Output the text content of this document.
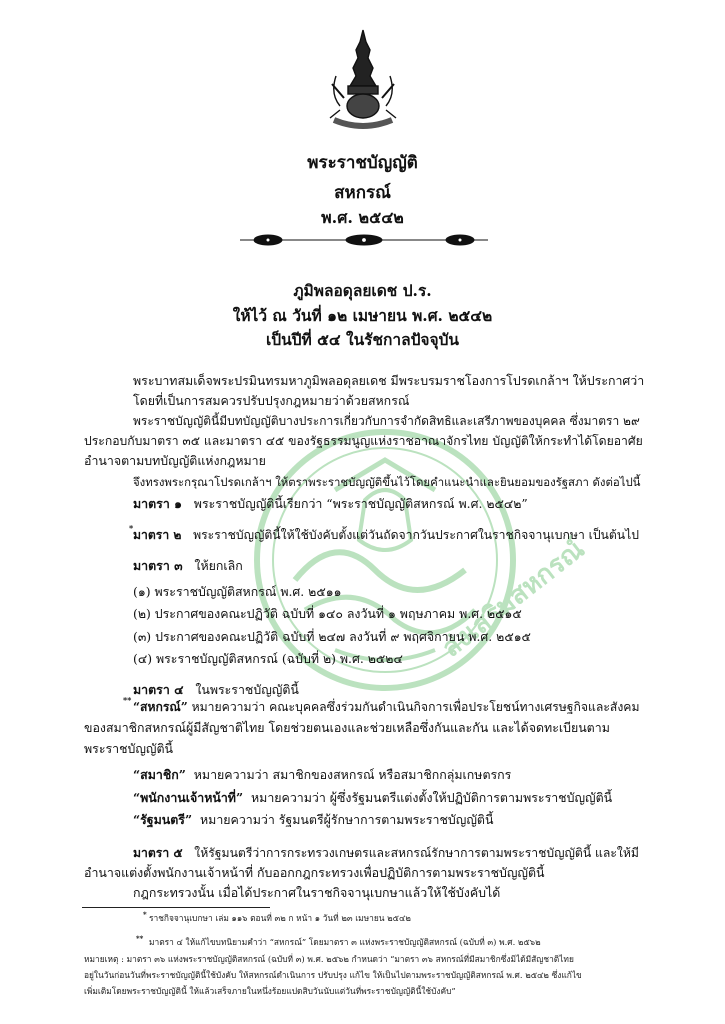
พระราชบัญญัติ
สหกรณ์
พ.ศ. ๒๕๔๒
ภูมิพลอดุลยเดช ป.ร.
ให้ไว้ ณ วันที่ ๑๒ เมษายน พ.ศ. ๒๕๔๒
เป็นปีที่ ๕๔ ในรัชกาลปัจจุบัน
ส่งเสริมสหกรณ์
พระบาทสมเด็จพระปรมินทรมหาภูมิพลอดุลยเดช มีพระบรมราชโองการโปรดเกล้าฯ ให้ประกาศว่า
โดยที่เป็นการสมควรปรับปรุงกฎหมายว่าด้วยสหกรณ์
พระราชบัญญัตินี้มีบทบัญญัติบางประการเกี่ยวกับการจำกัดสิทธิและเสรีภาพของบุคคล ซึ่งมาตรา ๒๙
ประกอบกับมาตรา ๓๕ และมาตรา ๔๕ ของรัฐธรรมนูญแห่งราชอาณาจักรไทย บัญญัติให้กระทำได้โดยอาศัย
อำนาจตามบทบัญญัติแห่งกฎหมาย
จึงทรงพระกรุณาโปรดเกล้าฯ ให้ตราพระราชบัญญัติขึ้นไว้โดยคำแนะนำและยินยอมของรัฐสภา ดังต่อไปนี้
มาตรา ๑ พระราชบัญญัตินี้เรียกว่า “พระราชบัญญัติสหกรณ์ พ.ศ. ๒๕๔๒”
* มาตรา ๒ พระราชบัญญัตินี้ให้ใช้บังคับตั้งแต่วันถัดจากวันประกาศในราชกิจจานุเบกษา เป็นต้นไป
มาตรา ๓ ให้ยกเลิก
(๑) พระราชบัญญัติสหกรณ์ พ.ศ. ๒๕๑๑
(๒) ประกาศของคณะปฏิวัติ ฉบับที่ ๑๔๐ ลงวันที่ ๑ พฤษภาคม พ.ศ. ๒๕๑๕
(๓) ประกาศของคณะปฏิวัติ ฉบับที่ ๒๔๗ ลงวันที่ ๙ พฤศจิกายน พ.ศ. ๒๕๑๕
(๔) พระราชบัญญัติสหกรณ์ (ฉบับที่ ๒) พ.ศ. ๒๕๒๔
มาตรา ๔ ในพระราชบัญญัตินี้
** “สหกรณ์” หมายความว่า คณะบุคคลซึ่งร่วมกันดำเนินกิจการเพื่อประโยชน์ทางเศรษฐกิจและสังคม
ของสมาชิกสหกรณ์ผู้มีสัญชาติไทย โดยช่วยตนเองและช่วยเหลือซึ่งกันและกัน และได้จดทะเบียนตาม
พระราชบัญญัตินี้
“สมาชิก” หมายความว่า สมาชิกของสหกรณ์ หรือสมาชิกกลุ่มเกษตรกร
“พนักงานเจ้าหน้าที่” หมายความว่า ผู้ซึ่งรัฐมนตรีแต่งตั้งให้ปฏิบัติการตามพระราชบัญญัตินี้
“รัฐมนตรี” หมายความว่า รัฐมนตรีผู้รักษาการตามพระราชบัญญัตินี้
มาตรา ๕ ให้รัฐมนตรีว่าการกระทรวงเกษตรและสหกรณ์รักษาการตามพระราชบัญญัตินี้ และให้มี
อำนาจแต่งตั้งพนักงานเจ้าหน้าที่ กับออกกฎกระทรวงเพื่อปฏิบัติการตามพระราชบัญญัตินี้
กฎกระทรวงนั้น เมื่อได้ประกาศในราชกิจจานุเบกษาแล้วให้ใช้บังคับได้
* ราชกิจจานุเบกษา เล่ม ๑๑๖ ตอนที่ ๓๒ ก หน้า ๑ วันที่ ๒๓ เมษายน ๒๕๔๒
** มาตรา ๔ ให้แก้ไขบทนิยามคำว่า “สหกรณ์” โดยมาตรา ๓ แห่งพระราชบัญญัติสหกรณ์ (ฉบับที่ ๓) พ.ศ. ๒๕๖๒
หมายเหตุ : มาตรา ๓๖ แห่งพระราชบัญญัติสหกรณ์ (ฉบับที่ ๓) พ.ศ. ๒๕๖๒ กำหนดว่า “มาตรา ๓๖ สหกรณ์ที่มีสมาชิกซึ่งมิได้มีสัญชาติไทย
อยู่ในวันก่อนวันที่พระราชบัญญัตินี้ใช้บังคับ ให้สหกรณ์ดำเนินการ ปรับปรุง แก้ไข ให้เป็นไปตามพระราชบัญญัติสหกรณ์ พ.ศ. ๒๕๔๒ ซึ่งแก้ไข
เพิ่มเติมโดยพระราชบัญญัตินี้ ให้แล้วเสร็จภายในหนึ่งร้อยแปดสิบวันนับแต่วันที่พระราชบัญญัตินี้ใช้บังคับ”
